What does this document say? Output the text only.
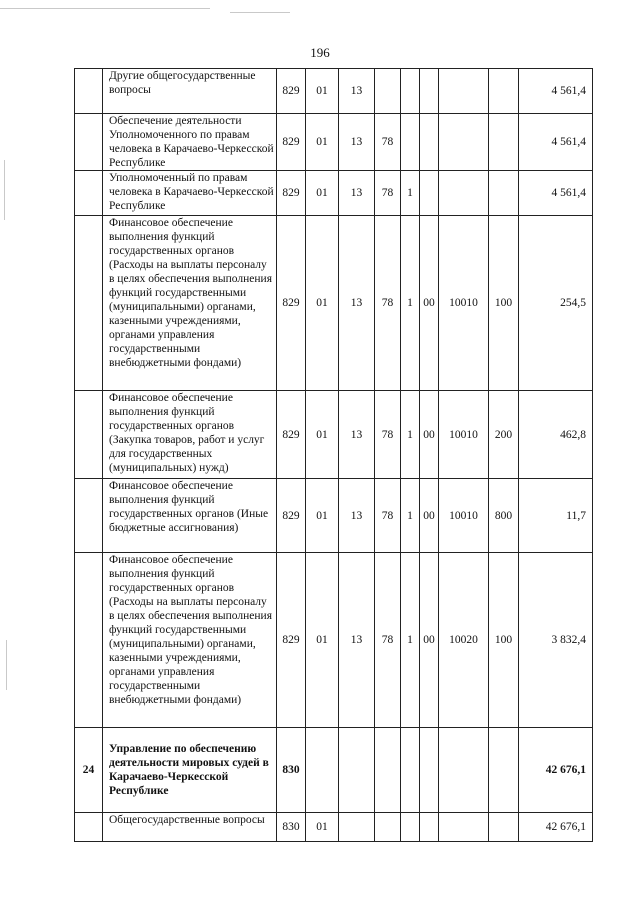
196
	Другие общегосударственные вопросы	829	01	13						4 561,4
	Обеспечение деятельности Уполномоченного по правам человека в Карачаево-Черкесской Республике	829	01	13	78					4 561,4
	Уполномоченный по правам человека в Карачаево-Черкесской Республике	829	01	13	78	1				4 561,4
	Финансовое обеспечение выполнения функций государственных органов (Расходы на выплаты персоналу в целях обеспечения выполнения функций государственными (муниципальными) органами, казенными учреждениями, органами управления государственными внебюджетными фондами)	829	01	13	78	1	00	10010	100	254,5
	Финансовое обеспечение выполнения функций государственных органов (Закупка товаров, работ и услуг для государственных (муниципальных) нужд)	829	01	13	78	1	00	10010	200	462,8
	Финансовое обеспечение выполнения функций государственных органов (Иные бюджетные ассигнования)	829	01	13	78	1	00	10010	800	11,7
	Финансовое обеспечение выполнения функций государственных органов (Расходы на выплаты персоналу в целях обеспечения выполнения функций государственными (муниципальными) органами, казенными учреждениями, органами управления государственными внебюджетными фондами)	829	01	13	78	1	00	10020	100	3 832,4
24	Управление по обеспечению деятельности мировых судей в Карачаево-Черкесской Республике	830								42 676,1
	Общегосударственные вопросы	830	01							42 676,1
